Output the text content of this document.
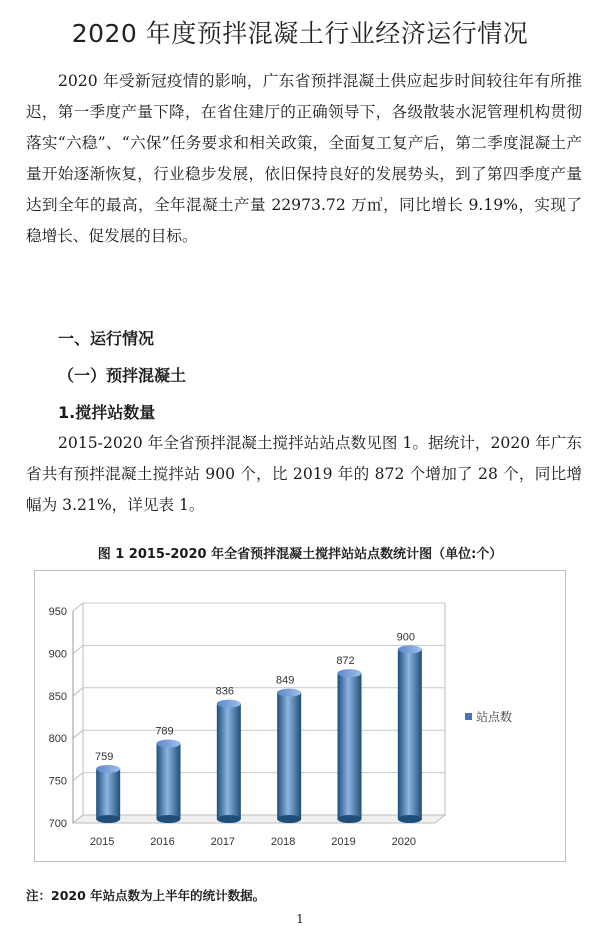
2020 年度预拌混凝土行业经济运行情况

2020 年受新冠疫情的影响，广东省预拌混凝土供应起步时间较往年有所推迟，第一季度产量下降，在省住建厅的正确领导下，各级散装水泥管理机构贯彻落实“六稳”、“六保”任务要求和相关政策，全面复工复产后，第二季度混凝土产量开始逐渐恢复，行业稳步发展，依旧保持良好的发展势头，到了第四季度产量达到全年的最高，全年混凝土产量 22973.72 万㎥，同比增长 9.19%，实现了稳增长、促发展的目标。

一、运行情况
（一）预拌混凝土
1.搅拌站数量

2015-2020 年全省预拌混凝土搅拌站站点数见图 1。据统计，2020 年广东省共有预拌混凝土搅拌站 900 个，比 2019 年的 872 个增加了 28 个，同比增幅为 3.21%，详见表 1。

图 1 2015-2020 年全省预拌混凝土搅拌站站点数统计图（单位:个）
700
750
800
850
900
950
759
2015
789
2016
836
2017
849
2018
872
2019
900
2020
站点数
注：2020 年站点数为上半年的统计数据。
1
